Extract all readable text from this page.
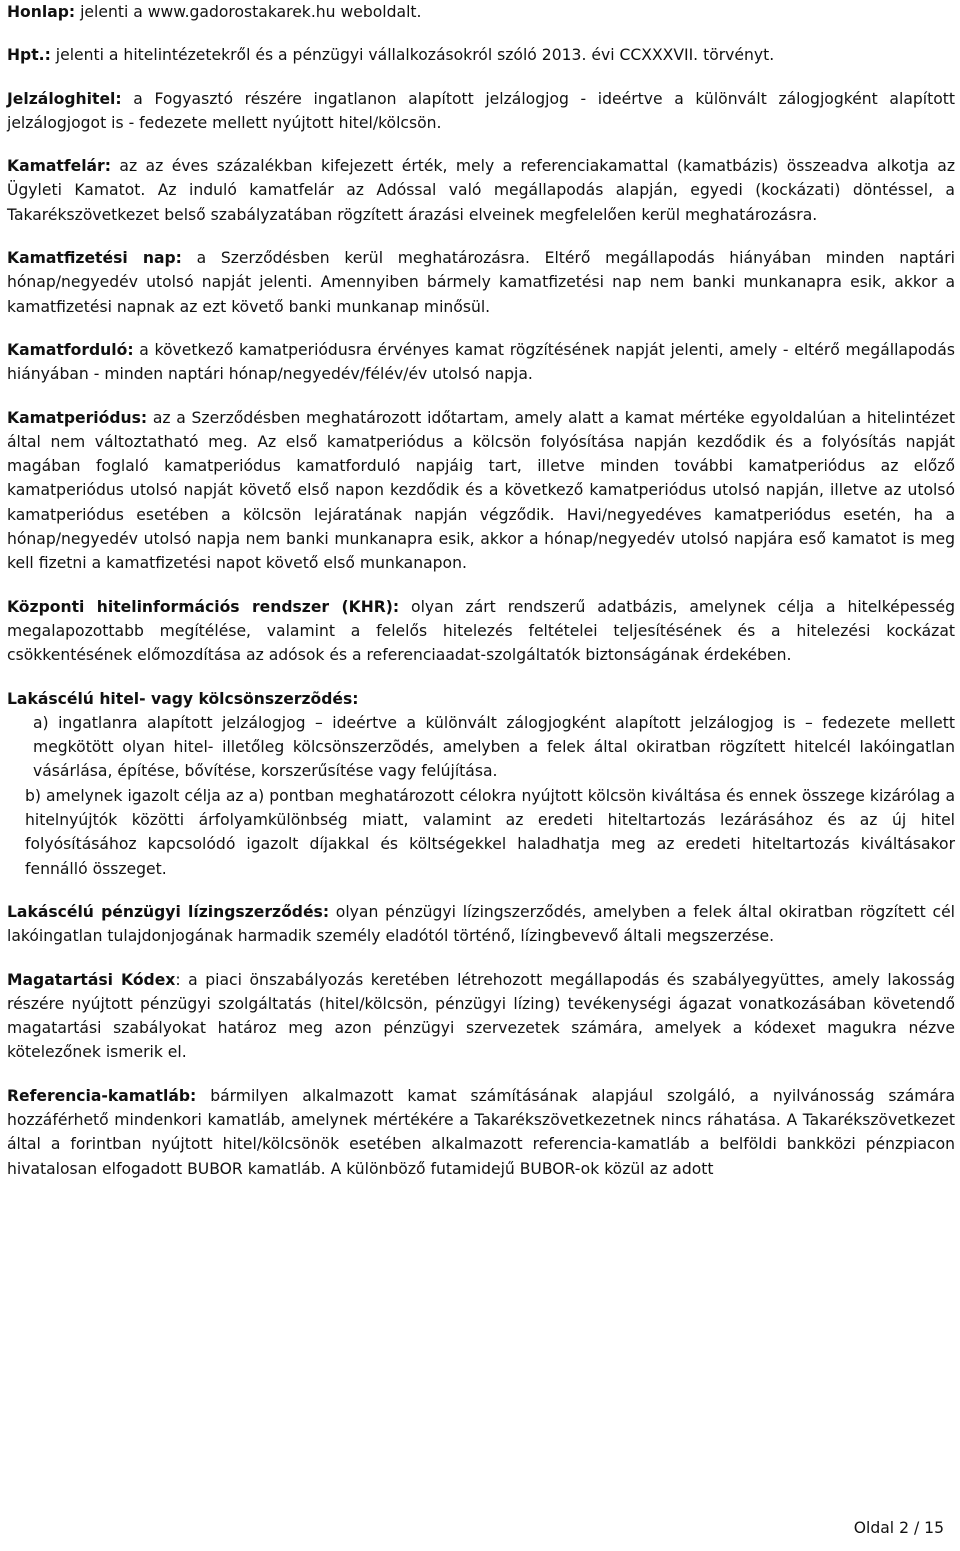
Honlap: jelenti a www.gadorostakarek.hu weboldalt.

Hpt.: jelenti a hitelintézetekről és a pénzügyi vállalkozásokról szóló 2013. évi CCXXXVII. törvényt.

Jelzáloghitel: a Fogyasztó részére ingatlanon alapított jelzálogjog - ideértve a különvált zálogjogként alapított jelzálogjogot is - fedezete mellett nyújtott hitel/kölcsön.

Kamatfelár: az az éves százalékban kifejezett érték, mely a referenciakamattal (kamatbázis) összeadva alkotja az Ügyleti Kamatot. Az induló kamatfelár az Adóssal való megállapodás alapján, egyedi (kockázati) döntéssel, a Takarékszövetkezet belső szabályzatában rögzített árazási elveinek megfelelően kerül meghatározásra.

Kamatfizetési nap: a Szerződésben kerül meghatározásra. Eltérő megállapodás hiányában minden naptári hónap/negyedév utolsó napját jelenti. Amennyiben bármely kamatfizetési nap nem banki munkanapra esik, akkor a kamatfizetési napnak az ezt követő banki munkanap minősül.

Kamatforduló: a következő kamatperiódusra érvényes kamat rögzítésének napját jelenti, amely - eltérő megállapodás hiányában - minden naptári hónap/negyedév/félév/év utolsó napja.

Kamatperiódus: az a Szerződésben meghatározott időtartam, amely alatt a kamat mértéke egyoldalúan a hitelintézet által nem változtatható meg. Az első kamatperiódus a kölcsön folyósítása napján kezdődik és a folyósítás napját magában foglaló kamatperiódus kamatforduló napjáig tart, illetve minden további kamatperiódus az előző kamatperiódus utolsó napját követő első napon kezdődik és a következő kamatperiódus utolsó napján, illetve az utolsó kamatperiódus esetében a kölcsön lejáratának napján végződik. Havi/negyedéves kamatperiódus esetén, ha a hónap/negyedév utolsó napja nem banki munkanapra esik, akkor a hónap/negyedév utolsó napjára eső kamatot is meg kell fizetni a kamatfizetési napot követő első munkanapon.

Központi hitelinformációs rendszer (KHR): olyan zárt rendszerű adatbázis, amelynek célja a hitelképesség megalapozottabb megítélése, valamint a felelős hitelezés feltételei teljesítésének és a hitelezési kockázat csökkentésének előmozdítása az adósok és a referenciaadat-szolgáltatók biztonságának érdekében.

Lakáscélú hitel- vagy kölcsönszerzõdés:

a) ingatlanra alapított jelzálogjog – ideértve a különvált zálogjogként alapított jelzálogjog is – fedezete mellett megkötött olyan hitel- illetőleg kölcsönszerzõdés, amelyben a felek által okiratban rögzített hitelcél lakóingatlan vásárlása, építése, bővítése, korszerűsítése vagy felújítása.

b) amelynek igazolt célja az a) pontban meghatározott célokra nyújtott kölcsön kiváltása és ennek összege kizárólag a hitelnyújtók közötti árfolyamkülönbség miatt, valamint az eredeti hiteltartozás lezárásához és az új hitel folyósításához kapcsolódó igazolt díjakkal és költségekkel haladhatja meg az eredeti hiteltartozás kiváltásakor fennálló összeget.

Lakáscélú pénzügyi lízingszerződés: olyan pénzügyi lízingszerződés, amelyben a felek által okiratban rögzített cél lakóingatlan tulajdonjogának harmadik személy eladótól történő, lízingbevevő általi megszerzése.

Magatartási Kódex: a piaci önszabályozás keretében létrehozott megállapodás és szabályegyüttes, amely lakosság részére nyújtott pénzügyi szolgáltatás (hitel/kölcsön, pénzügyi lízing) tevékenységi ágazat vonatkozásában követendő magatartási szabályokat határoz meg azon pénzügyi szervezetek számára, amelyek a kódexet magukra nézve kötelezőnek ismerik el.

Referencia-kamatláb: bármilyen alkalmazott kamat számításának alapjául szolgáló, a nyilvánosság számára hozzáférhető mindenkori kamatláb, amelynek mértékére a Takarékszövetkezetnek nincs ráhatása. A Takarékszövetkezet által a forintban nyújtott hitel/kölcsönök esetében alkalmazott referencia-kamatláb a belföldi bankközi pénzpiacon hivatalosan elfogadott BUBOR kamatláb. A különböző futamidejű BUBOR-ok közül az adott

Oldal 2 / 15
